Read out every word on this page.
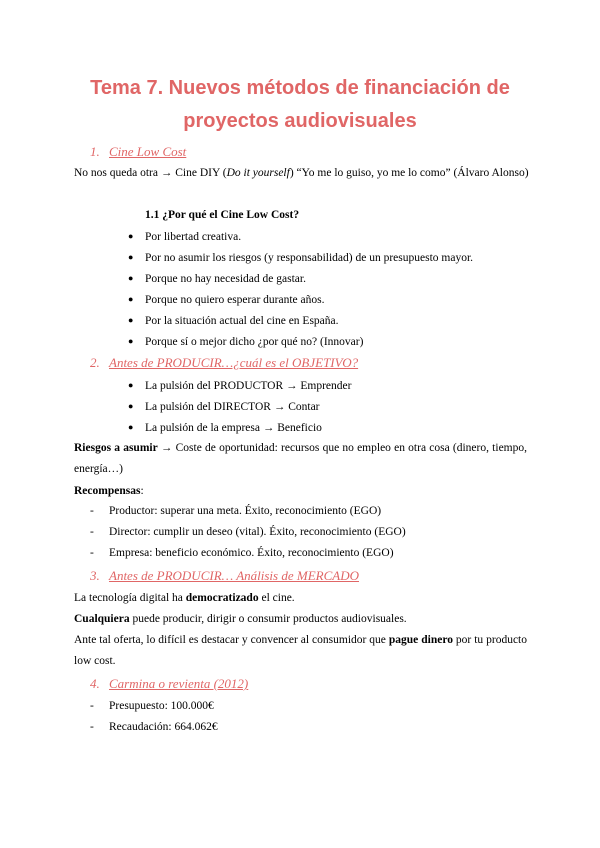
Tema 7. Nuevos métodos de financiación de proyectos audiovisuales
1. Cine Low Cost
No nos queda otra → Cine DIY (Do it yourself) “Yo me lo guiso, yo me lo como” (Álvaro Alonso)
1.1 ¿Por qué el Cine Low Cost?
● Por libertad creativa.
● Por no asumir los riesgos (y responsabilidad) de un presupuesto mayor.
● Porque no hay necesidad de gastar.
● Porque no quiero esperar durante años.
● Por la situación actual del cine en España.
● Porque sí o mejor dicho ¿por qué no? (Innovar)
2. Antes de PRODUCIR…¿cuál es el OBJETIVO?
● La pulsión del PRODUCTOR → Emprender
● La pulsión del DIRECTOR → Contar
● La pulsión de la empresa → Beneficio
Riesgos a asumir → Coste de oportunidad: recursos que no empleo en otra cosa (dinero, tiempo, energía…)
Recompensas:
- Productor: superar una meta. Éxito, reconocimiento (EGO)
- Director: cumplir un deseo (vital). Éxito, reconocimiento (EGO)
- Empresa: beneficio económico. Éxito, reconocimiento (EGO)
3. Antes de PRODUCIR… Análisis de MERCADO
La tecnología digital ha democratizado el cine.
Cualquiera puede producir, dirigir o consumir productos audiovisuales.
Ante tal oferta, lo difícil es destacar y convencer al consumidor que pague dinero por tu producto low cost.
4. Carmina o revienta (2012)
- Presupuesto: 100.000€
- Recaudación: 664.062€
